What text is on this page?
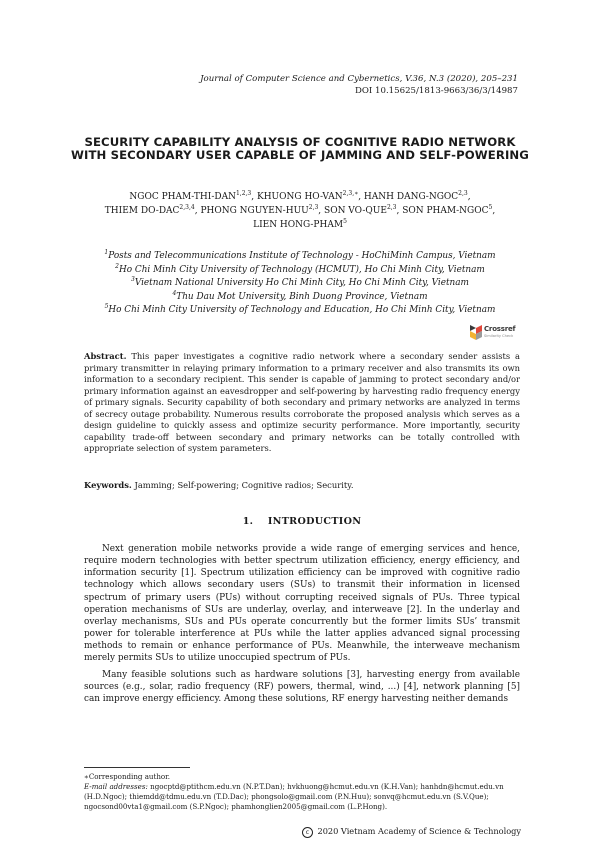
Journal of Computer Science and Cybernetics, V.36, N.3 (2020), 205–231
DOI 10.15625/1813-9663/36/3/14987
SECURITY CAPABILITY ANALYSIS OF COGNITIVE RADIO NETWORK WITH SECONDARY USER CAPABLE OF JAMMING AND SELF-POWERING
NGOC PHAM-THI-DAN$^{1,2,3}$, KHUONG $HO-VAN^{2,3,∗}$, HANH DANG-NGOC$^{2,3}$,
THIEM DO-DAC$^{2,3,4}$, PHONG NGUYEN-HUU$^{2,3}$, SON VO-QUE$^{2,3}$, SON PHAM-NGOC$^5$,
LIEN HONG-PHAM$^5$
$^1$Posts and Telecommunications Institute of Technology - HoChiMinh Campus, Vietnam
$^2$Ho Chi Minh City University of Technology (HCMUT), Ho Chi Minh City, Vietnam
$^3$Vietnam National University Ho Chi Minh City, Ho Chi Minh City, Vietnam
$^4$Thu Dau Mot University, Binh Duong Province, Vietnam
$^5$Ho Chi Minh City University of Technology and Education, Ho Chi Minh City, Vietnam
Crossref
Similarity Check
Abstract. This paper investigates a cognitive radio network where a secondary sender assists a primary transmitter in relaying primary information to a primary receiver and also transmits its own information to a secondary recipient. This sender is capable of jamming to protect secondary and/or primary information against an eavesdropper and self-powering by harvesting radio frequency energy of primary signals. Security capability of both secondary and primary networks are analyzed in terms of secrecy outage probability. Numerous results corroborate the proposed analysis which serves as a design guideline to quickly assess and optimize security performance. More importantly, security capability trade-off between secondary and primary networks can be totally controlled with appropriate selection of system parameters.
Keywords. Jamming; Self-powering; Cognitive radios; Security.
1. INTRODUCTION

Next generation mobile networks provide a wide range of emerging services and hence, require modern technologies with better spectrum utilization efficiency, energy efficiency, and information security [1]. Spectrum utilization efficiency can be improved with cognitive radio technology which allows secondary users (SUs) to transmit their information in licensed spectrum of primary users (PUs) without corrupting received signals of PUs. Three typical operation mechanisms of SUs are underlay, overlay, and interweave [2]. In the underlay and overlay mechanisms, SUs and PUs operate concurrently but the former limits SUs’ transmit power for tolerable interference at PUs while the latter applies advanced signal processing methods to remain or enhance performance of PUs. Meanwhile, the interweave mechanism merely permits SUs to utilize unoccupied spectrum of PUs.

Many feasible solutions such as hardware solutions [3], harvesting energy from available sources (e.g., solar, radio frequency (RF) powers, thermal, wind, ...) [4], network planning [5] can improve energy efficiency. Among these solutions, RF energy harvesting neither demands

∗Corresponding author.
E-mail addresses: ngocptd@ptithcm.edu.vn (N.P.T.Dan); hvkhuong@hcmut.edu.vn (K.H.Van); hanhdn@hcmut.edu.vn (H.D.Ngoc); thiemdd@tdmu.edu.vn (T.D.Dac); phongsolo@gmail.com (P.N.Huu); sonvq@hcmut.edu.vn (S.V.Que); ngocsond00vta1@gmail.com (S.P.Ngoc); phamhonglien2005@gmail.com (L.P.Hong).
c 2020 Vietnam Academy of Science & Technology
